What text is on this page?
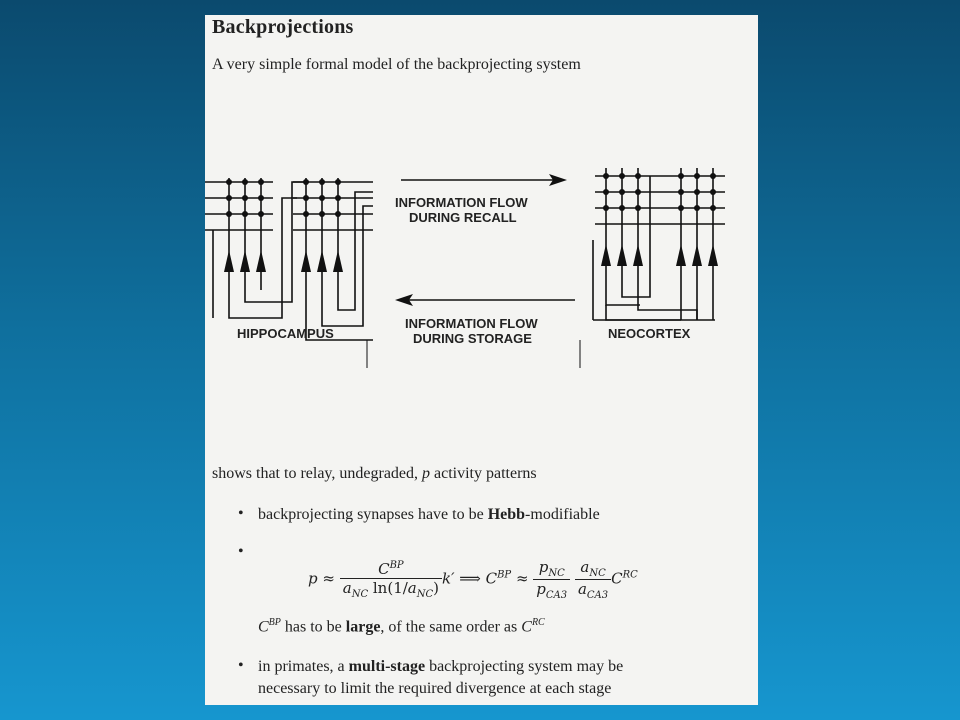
Backprojections
A very simple formal model of the backprojecting system
INFORMATION FLOW
DURING RECALL
INFORMATION FLOW
DURING STORAGE
HIPPOCAMPUS	NEOCORTEX
shows that to relay, undegraded, p activity patterns
• backprojecting synapses have to be Hebb-modifiable
•
$p \approx \frac{C^{BP}}{a_{NC} \ln(1/a_{NC})} k'$ ⟹ $C^{BP} \approx \frac{p_{NC}}{p_{CA3}}$
$\frac{a_{NC}}{a_{CA3}} C^{RC}$
$C^{BP}$ has to be large, of the same order as $C^{RC}$
• in primates, a multi-stage backprojecting system may be
necessary to limit the required divergence at each stage
